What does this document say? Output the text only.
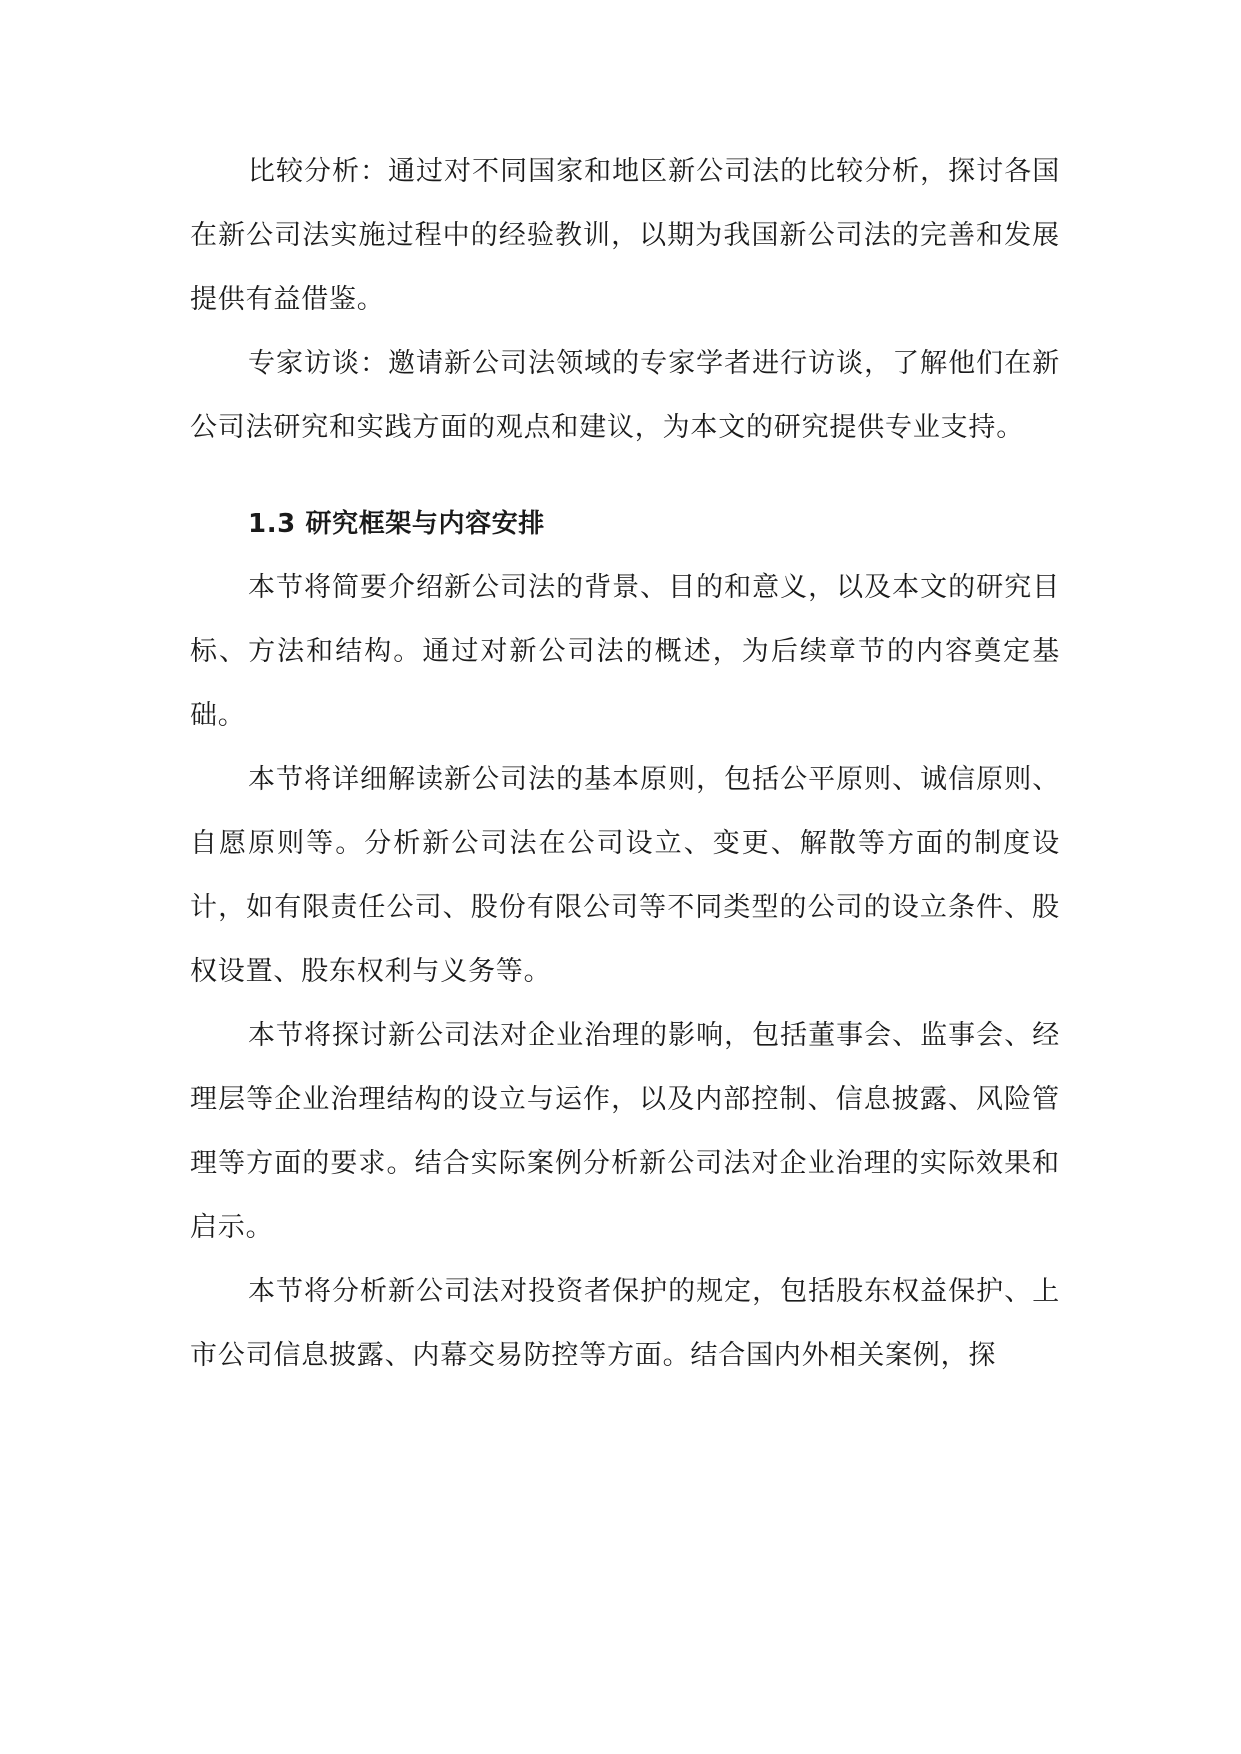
比较分析：通过对不同国家和地区新公司法的比较分析，探讨各国在新公司法实施过程中的经验教训，以期为我国新公司法的完善和发展提供有益借鉴。

专家访谈：邀请新公司法领域的专家学者进行访谈，了解他们在新公司法研究和实践方面的观点和建议，为本文的研究提供专业支持。

1.3 研究框架与内容安排

本节将简要介绍新公司法的背景、目的和意义，以及本文的研究目标、方法和结构。通过对新公司法的概述，为后续章节的内容奠定基础。

本节将详细解读新公司法的基本原则，包括公平原则、诚信原则、自愿原则等。分析新公司法在公司设立、变更、解散等方面的制度设计，如有限责任公司、股份有限公司等不同类型的公司的设立条件、股权设置、股东权利与义务等。

本节将探讨新公司法对企业治理的影响，包括董事会、监事会、经理层等企业治理结构的设立与运作，以及内部控制、信息披露、风险管理等方面的要求。结合实际案例分析新公司法对企业治理的实际效果和启示。

本节将分析新公司法对投资者保护的规定，包括股东权益保护、上市公司信息披露、内幕交易防控等方面。结合国内外相关案例，探
